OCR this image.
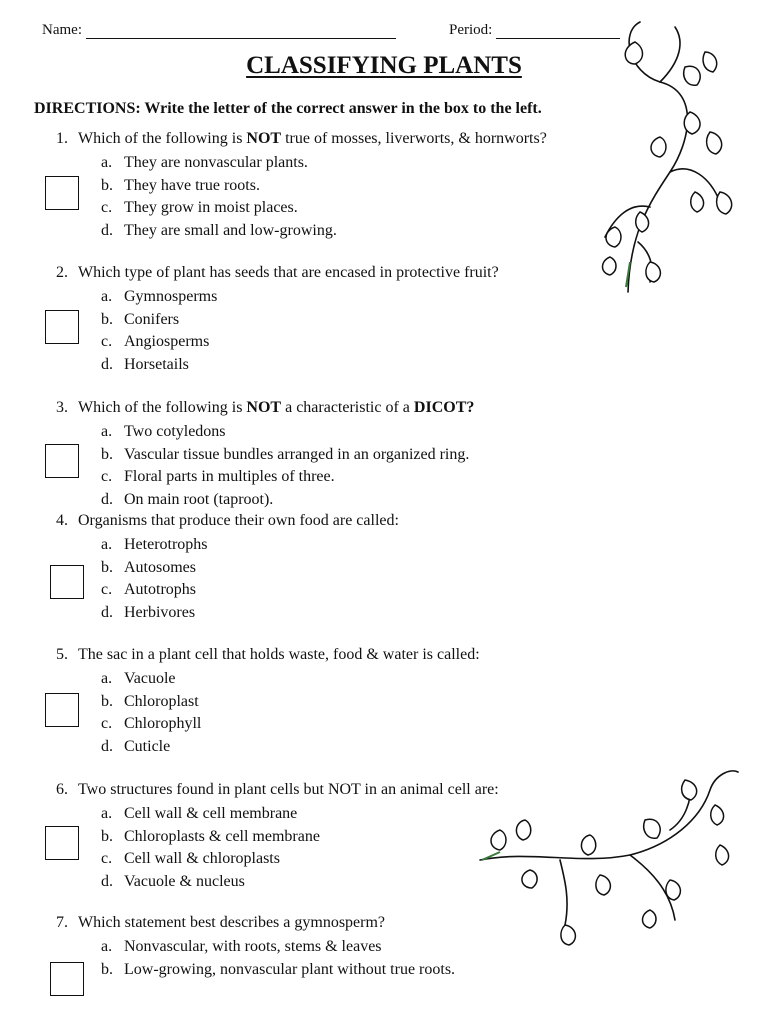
Name:	Period:
CLASSIFYING PLANTS
DIRECTIONS: Write the letter of the correct answer in the box to the left.
1. Which of the following is NOT true of mosses, liverworts, & hornworts?
a. They are nonvascular plants.
b. They have true roots.
c. They grow in moist places.
d. They are small and low-growing.
2. Which type of plant has seeds that are encased in protective fruit?
a. Gymnosperms
b. Conifers
c. Angiosperms
d. Horsetails
3. Which of the following is NOT a characteristic of a DICOT?
a. Two cotyledons
b. Vascular tissue bundles arranged in an organized ring.
c. Floral parts in multiples of three.
d. On main root (taproot).
4. Organisms that produce their own food are called:
a. Heterotrophs
b. Autosomes
c. Autotrophs
d. Herbivores
5. The sac in a plant cell that holds waste, food & water is called:
a. Vacuole
b. Chloroplast
c. Chlorophyll
d. Cuticle
6. Two structures found in plant cells but NOT in an animal cell are:
a. Cell wall & cell membrane
b. Chloroplasts & cell membrane
c. Cell wall & chloroplasts
d. Vacuole & nucleus
7. Which statement best describes a gymnosperm?
a. Nonvascular, with roots, stems & leaves
b. Low-growing, nonvascular plant without true roots.
